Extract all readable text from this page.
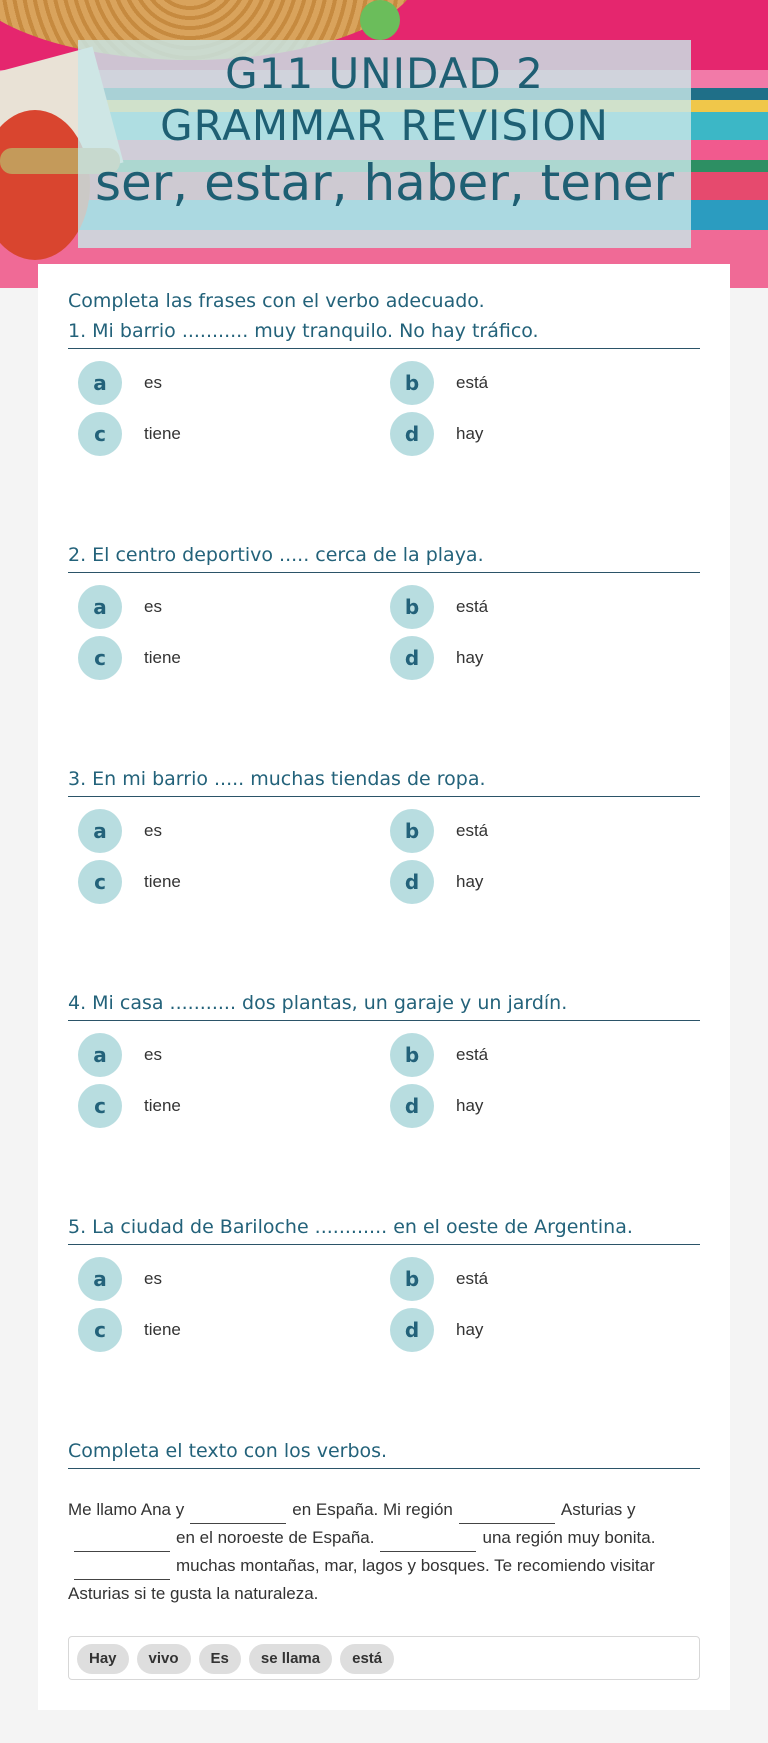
G11 UNIDAD 2
GRAMMAR REVISION
ser, estar, haber, tener
Completa las frases con el verbo adecuado.
1. Mi barrio ........... muy tranquilo. No hay tráfico.
a	es	b	está
c	tiene	d	hay
2. El centro deportivo ..... cerca de la playa.
a	es	b	está
c	tiene	d	hay
3. En mi barrio ..... muchas tiendas de ropa.
a	es	b	está
c	tiene	d	hay
4. Mi casa ........... dos plantas, un garaje y un jardín.
a	es	b	está
c	tiene	d	hay
5. La ciudad de Bariloche ............ en el oeste de Argentina.
a	es	b	está
c	tiene	d	hay
Completa el texto con los verbos.
Me llamo Ana y	en España. Mi región	Asturias y en el noroeste de España.	una región muy bonita.muchas montañas, mar, lagos y bosques. Te recomiendo visitar Asturias si te gusta la naturaleza.
Hay vivo Es se llama está
